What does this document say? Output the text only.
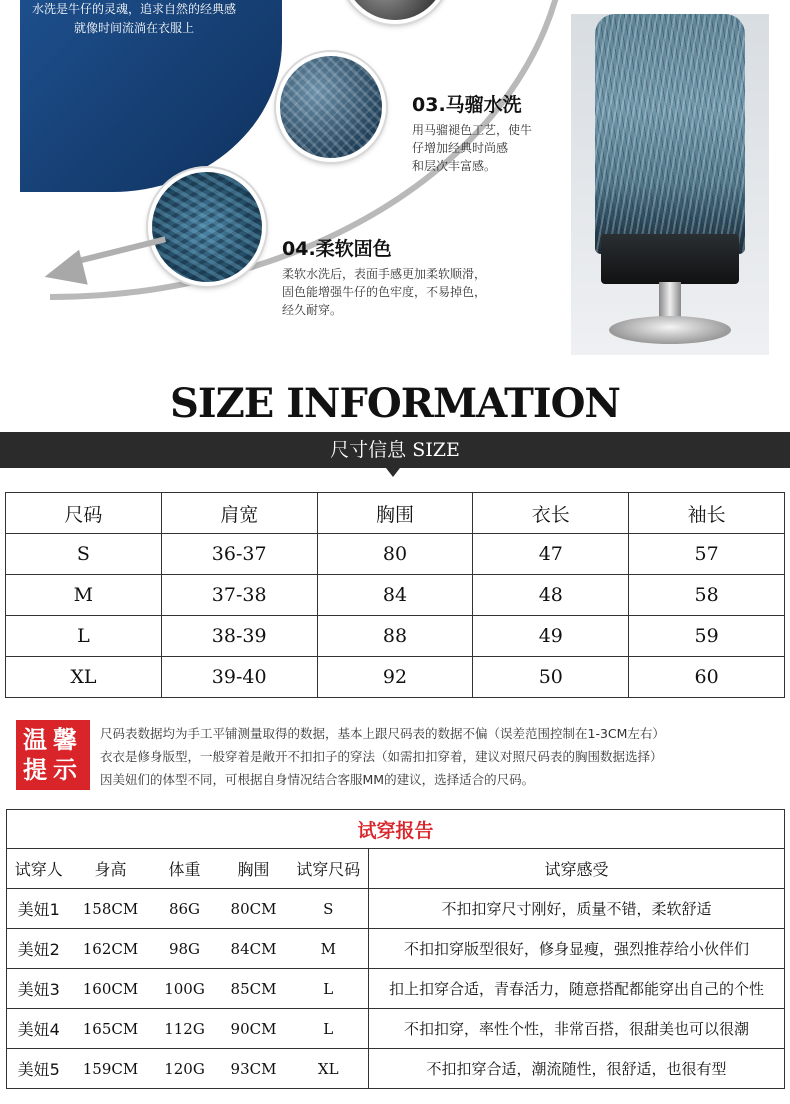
水洗是牛仔的灵魂，追求自然的经典感
就像时间流淌在衣服上
03.马骝水洗
用马骝褪色工艺，使牛
仔增加经典时尚感
和层次丰富感。
04.柔软固色
柔软水洗后，表面手感更加柔软顺滑，
固色能增强牛仔的色牢度，不易掉色，
经久耐穿。
SIZE INFORMATION
尺寸信息 SIZE
尺码	肩宽	胸围	衣长	袖长
S	36-37	80	47	57
M	37-38	84	48	58
L	38-39	88	49	59
XL	39-40	92	50	60
温馨
提示
尺码表数据均为手工平铺测量取得的数据，基本上跟尺码表的数据不偏（误差范围控制在1-3CM左右）
衣衣是修身版型，一般穿着是敞开不扣扣子的穿法（如需扣扣穿着，建议对照尺码表的胸围数据选择）
因美妞们的体型不同，可根据自身情况结合客服MM的建议，选择适合的尺码。
试穿报告					
试穿人	身高	体重	胸围	试穿尺码	试穿感受
美妞1	158CM	86G	80CM	S	不扣扣穿尺寸刚好，质量不错，柔软舒适
美妞2	162CM	98G	84CM	M	不扣扣穿版型很好，修身显瘦，强烈推荐给小伙伴们
美妞3	160CM	100G	85CM	L	扣上扣穿合适，青春活力，随意搭配都能穿出自己的个性
美妞4	165CM	112G	90CM	L	不扣扣穿，率性个性，非常百搭，很甜美也可以很潮
美妞5	159CM	120G	93CM	XL	不扣扣穿合适，潮流随性，很舒适，也很有型
